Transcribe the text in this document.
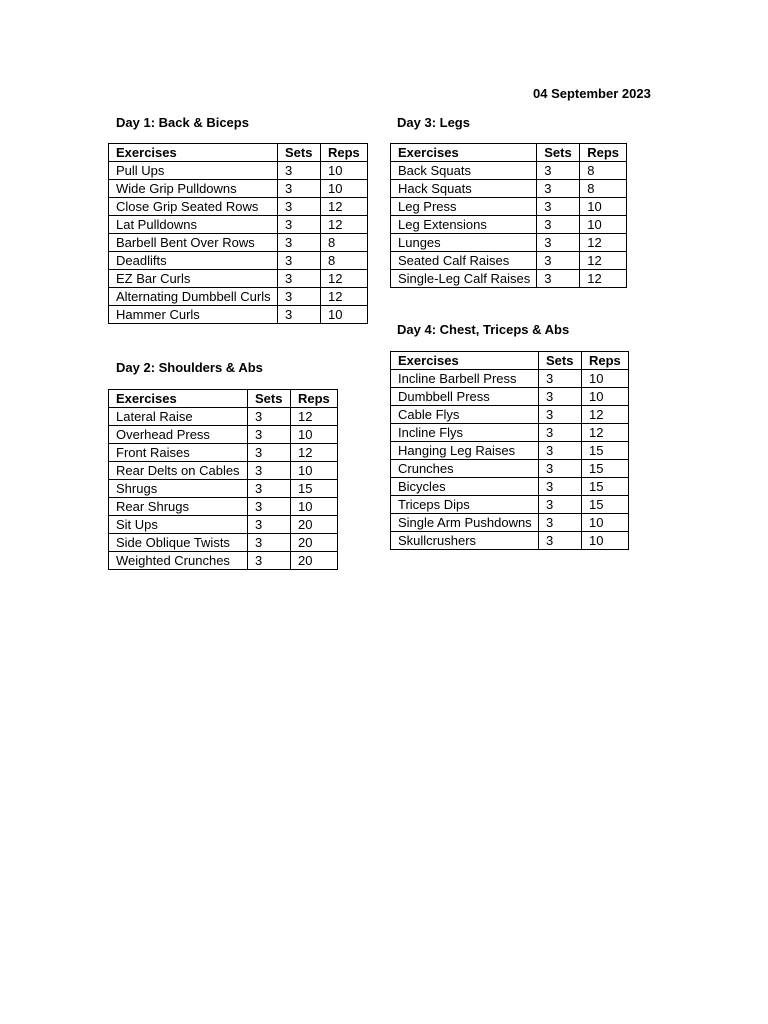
04 September 2023
Day 1: Back & Biceps
Exercises	Sets	Reps
Pull Ups	3	10
Wide Grip Pulldowns	3	10
Close Grip Seated Rows	3	12
Lat Pulldowns	3	12
Barbell Bent Over Rows	3	8
Deadlifts	3	8
EZ Bar Curls	3	12
Alternating Dumbbell Curls	3	12
Hammer Curls	3	10
Day 2: Shoulders & Abs
Exercises	Sets	Reps
Lateral Raise	3	12
Overhead Press	3	10
Front Raises	3	12
Rear Delts on Cables	3	10
Shrugs	3	15
Rear Shrugs	3	10
Sit Ups	3	20
Side Oblique Twists	3	20
Weighted Crunches	3	20
Day 3: Legs
Exercises	Sets	Reps
Back Squats	3	8
Hack Squats	3	8
Leg Press	3	10
Leg Extensions	3	10
Lunges	3	12
Seated Calf Raises	3	12
Single-Leg Calf Raises	3	12
Day 4: Chest, Triceps & Abs
Exercises	Sets	Reps
Incline Barbell Press	3	10
Dumbbell Press	3	10
Cable Flys	3	12
Incline Flys	3	12
Hanging Leg Raises	3	15
Crunches	3	15
Bicycles	3	15
Triceps Dips	3	15
Single Arm Pushdowns	3	10
Skullcrushers	3	10
